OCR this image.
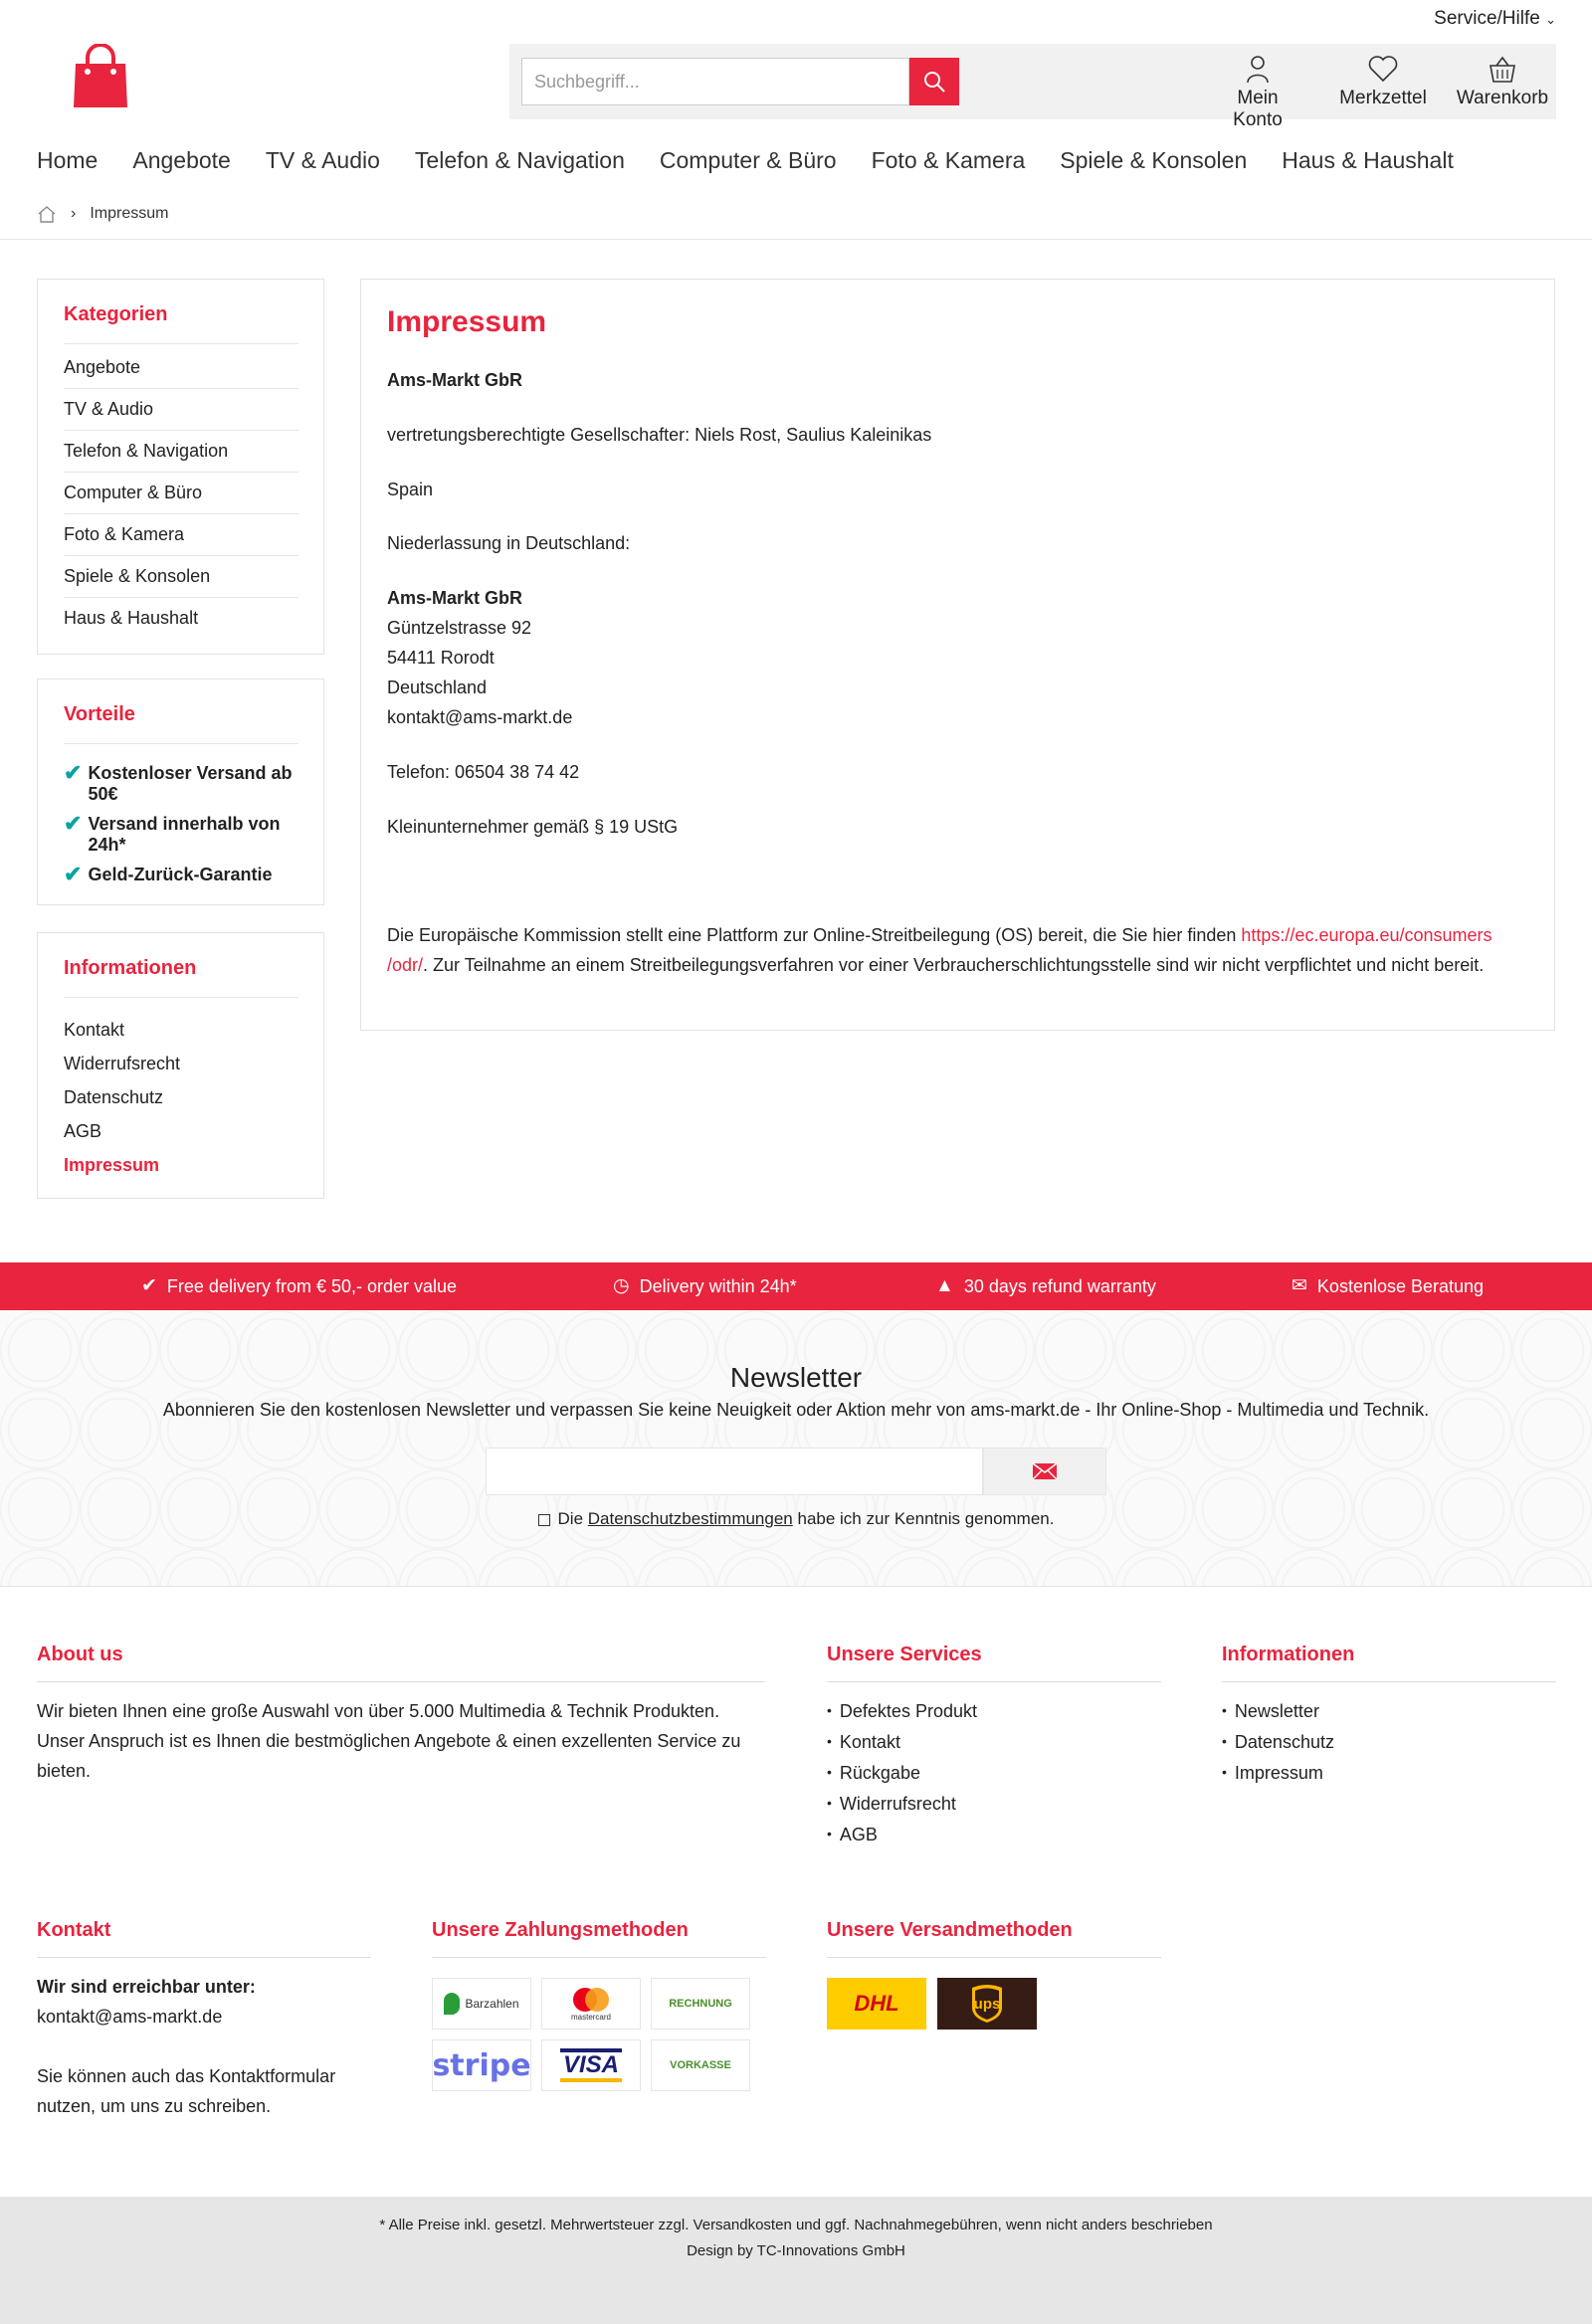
Service/Hilfe ⌄
Suchbegriff...
Mein Konto
Merkzettel	Warenkorb
Home Angebote TV & Audio Telefon & Navigation Computer & Büro Foto & Kamera Spiele & Konsolen Haus & Haushalt
› Impressum
Kategorien
Angebote
TV & Audio
Telefon & Navigation
Computer & Büro
Foto & Kamera
Spiele & Konsolen
Haus & Haushalt
Vorteile
✔ Kostenloser Versand ab 50€
✔ Versand innerhalb von 24h*
✔ Geld-Zurück-Garantie
Informationen
Kontakt
Widerrufsrecht
Datenschutz
AGB
Impressum
Impressum
Ams-Markt GbR
vertretungsberechtigte Gesellschafter: Niels Rost, Saulius Kaleinikas
Spain
Niederlassung in Deutschland:
Ams-Markt GbR
Güntzelstrasse 92
54411 Rorodt
Deutschland
kontakt@ams-markt.de
Telefon: 06504 38 74 42
Kleinunternehmer gemäß § 19 UStG
Die Europäische Kommission stellt eine Plattform zur Online-Streitbeilegung (OS) bereit, die Sie hier finden https://ec.europa.eu/consumers
/odr/. Zur Teilnahme an einem Streitbeilegungsverfahren vor einer Verbraucherschlichtungsstelle sind wir nicht verpflichtet und nicht bereit.
✔ Free delivery from € 50,- order value	◷ Delivery within 24h*	▲ 30 days refund warranty	✉ Kostenlose Beratung
Newsletter

Abonnieren Sie den kostenlosen Newsletter und verpassen Sie keine Neuigkeit oder Aktion mehr von ams-markt.de - Ihr Online-Shop - Multimedia und Technik.

Die Datenschutzbestimmungen habe ich zur Kenntnis genommen.
About us
Wir bieten Ihnen eine große Auswahl von über 5.000 Multimedia & Technik Produkten.
Unser Anspruch ist es Ihnen die bestmöglichen Angebote & einen exzellenten Service zu
bieten.
Unsere Services
• Defektes Produkt
• Kontakt
• Rückgabe
• Widerrufsrecht
• AGB
Informationen
• Newsletter
• Datenschutz
• Impressum
Kontakt
Wir sind erreichbar unter:
kontakt@ams-markt.de
Sie können auch das Kontaktformular
nutzen, um uns zu schreiben.
Unsere Zahlungsmethoden
Barzahlen
mastercard
RECHNUNG
stripe VISA	VORKASSE
Unsere Versandmethoden
DHL	ups
* Alle Preise inkl. gesetzl. Mehrwertsteuer zzgl. Versandkosten und ggf. Nachnahmegebühren, wenn nicht anders beschrieben
Design by TC-Innovations GmbH
